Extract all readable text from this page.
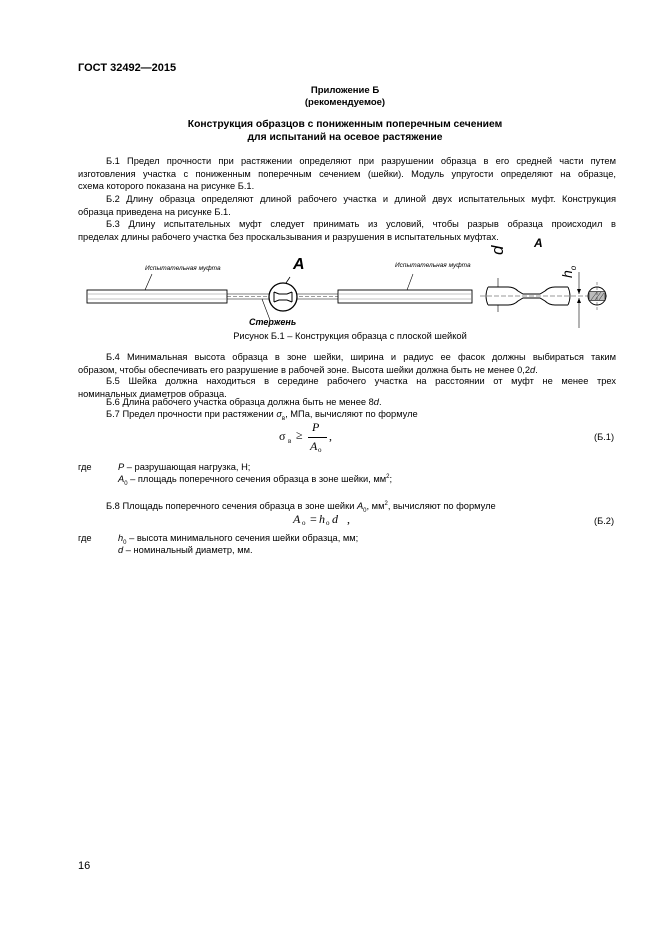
ГОСТ 32492—2015
Приложение Б
(рекомендуемое)
Конструкция образцов с пониженным поперечным сечением
для испытаний на осевое растяжение
Б.1 Предел прочности при растяжении определяют при разрушении образца в его средней части путем
изготовления участка с пониженным поперечным сечением (шейки). Модуль упругости определяют на образце,
схема которого показана на рисунке Б.1.
Б.2 Длину образца определяют длиной рабочего участка и длиной двух испытательных муфт. Конструкция
образца приведена на рисунке Б.1.
Б.3 Длину испытательных муфт следует принимать из условий, чтобы разрыв образца происходил в
пределах длины рабочего участка без проскальзывания и разрушения в испытательных муфтах.
Испытательная муфта	Испытательная муфта
Стержень
A
A
d
$h_o$
Рисунок Б.1 – Конструкция образца с плоской шейкой
Б.4 Минимальная высота образца в зоне шейки, ширина и радиус ее фасок должны выбираться таким
образом, чтобы обеспечивать его разрушение в рабочей зоне. Высота шейки должна быть не менее 0,2d.
Б.5 Шейка должна находиться в середине рабочего участка на расстоянии от муфт не менее трех
номинальных диаметров образца.
Б.6 Длина рабочего участка образца должна быть не менее 8d.
Б.7 Предел прочности при растяжении $\sigma_в$, МПа, вычисляют по формуле
σ в ≥
P
A о
,	(Б.1)
где	P – разрушающая нагрузка, Н;
$A_0$ – площадь поперечного сечения образца в зоне шейки, $мм^2$;
Б.8 Площадь поперечного сечения образца в зоне шейки $A_0$, $мм^2$, вычисляют по формуле
A о = h o d ,	(Б.2)
где	$h_0$ – высота минимального сечения шейки образца, мм;
d – номинальный диаметр, мм.
16
